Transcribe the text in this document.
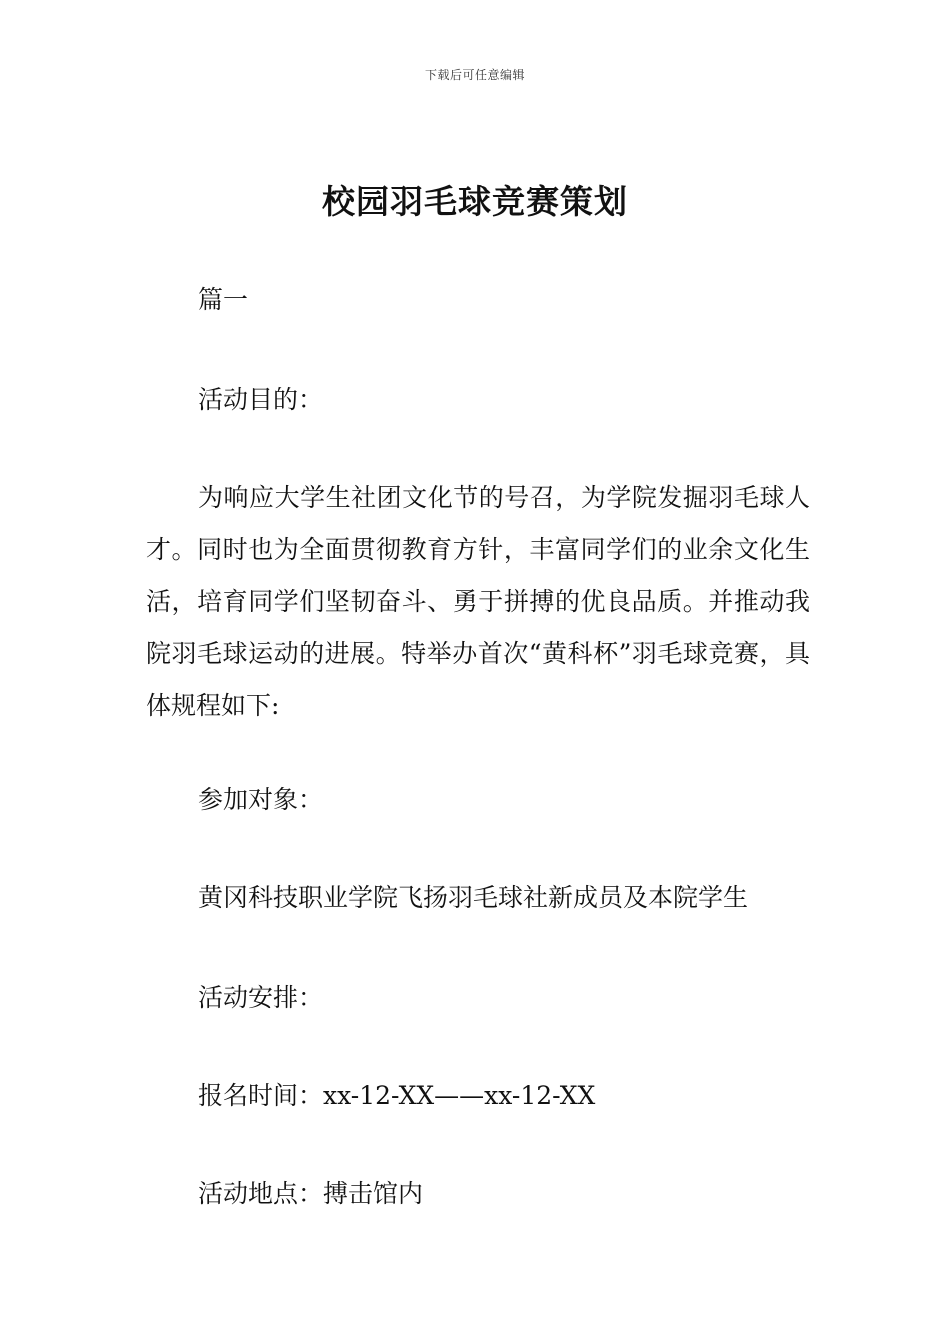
下载后可任意编辑
校园羽毛球竞赛策划

篇一

活动目的：

为响应大学生社团文化节的号召，为学院发掘羽毛球人才。同时也为全面贯彻教育方针，丰富同学们的业余文化生活，培育同学们坚韧奋斗、勇于拼搏的优良品质。并推动我院羽毛球运动的进展。特举办首次“黄科杯”羽毛球竞赛，具体规程如下:

参加对象：

黄冈科技职业学院飞扬羽毛球社新成员及本院学生

活动安排：

报名时间：xx-12-XX——xx-12-XX

活动地点：搏击馆内
